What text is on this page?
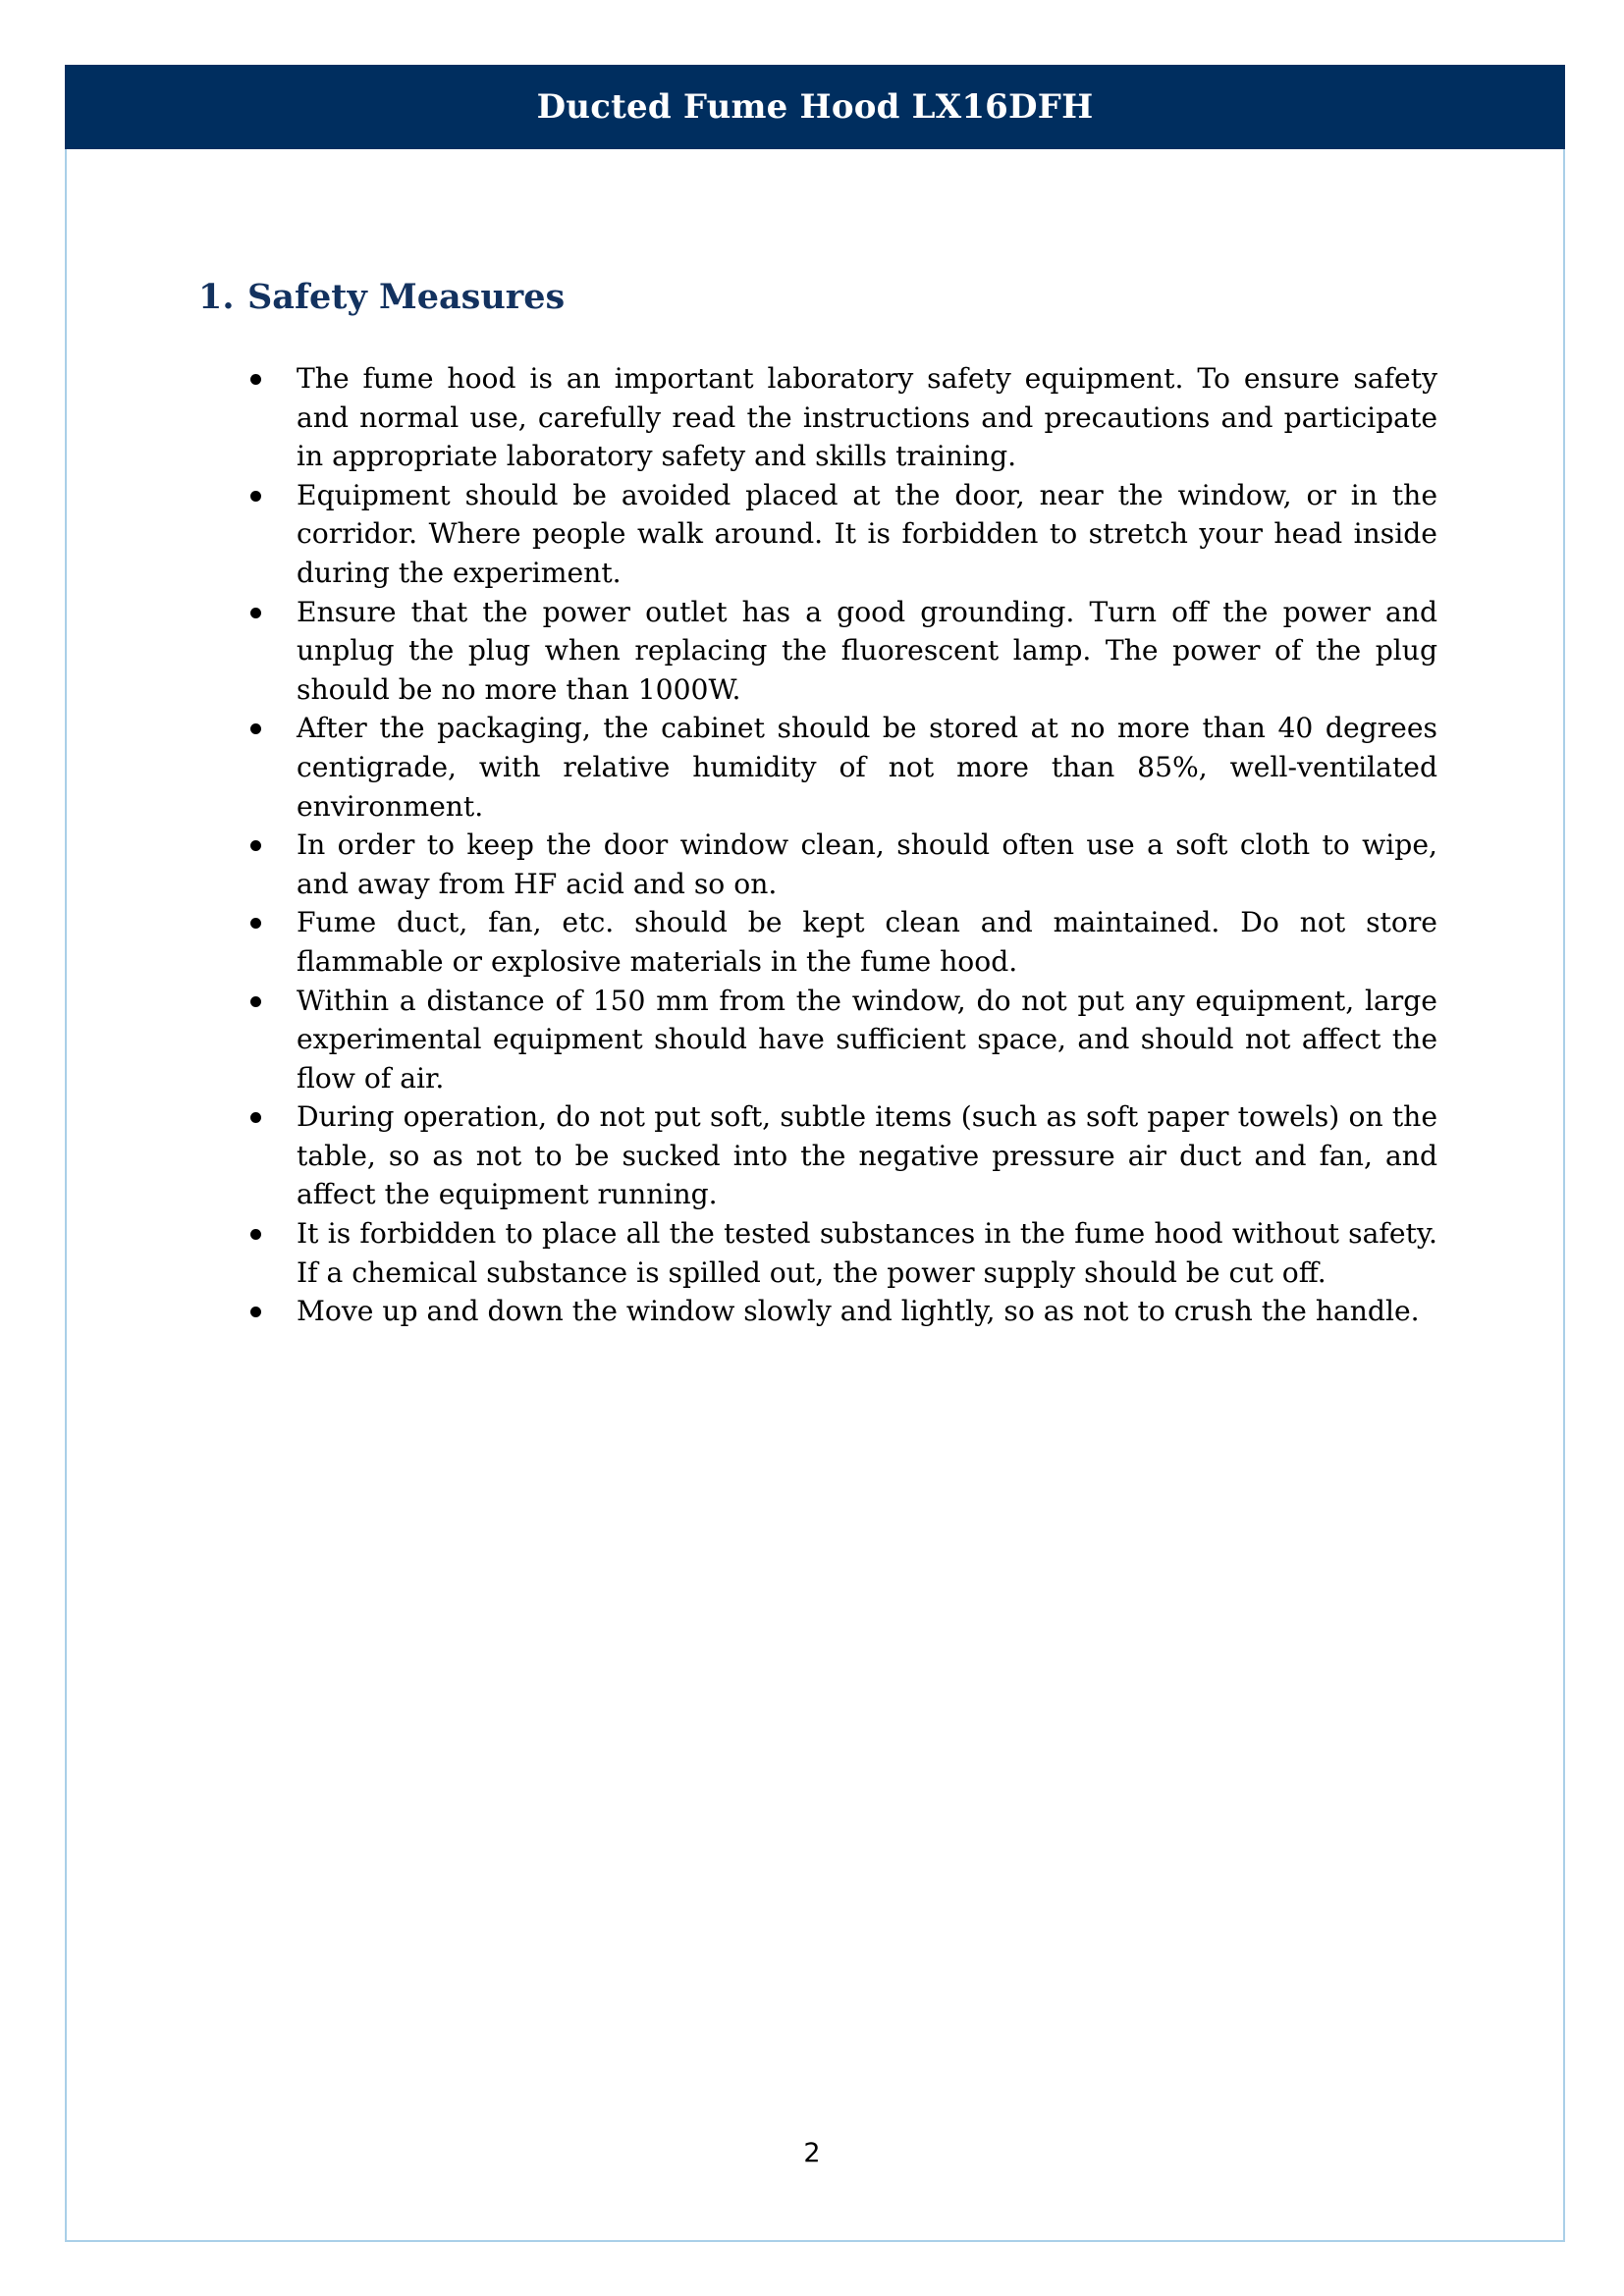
Ducted Fume Hood LX16DFH
1. Safety Measures
The fume hood is an important laboratory safety equipment. To ensure safety and normal use, carefully read the instructions and precautions and participate in appropriate laboratory safety and skills training.
Equipment should be avoided placed at the door, near the window, or in the corridor. Where people walk around. It is forbidden to stretch your head inside during the experiment.
Ensure that the power outlet has a good grounding. Turn off the power and unplug the plug when replacing the fluorescent lamp. The power of the plug should be no more than 1000W.
After the packaging, the cabinet should be stored at no more than 40 degrees centigrade, with relative humidity of not more than 85%, well-ventilated environment.
In order to keep the door window clean, should often use a soft cloth to wipe, and away from HF acid and so on.
Fume duct, fan, etc. should be kept clean and maintained. Do not store flammable or explosive materials in the fume hood.
Within a distance of 150 mm from the window, do not put any equipment, large experimental equipment should have sufficient space, and should not affect the flow of air.
During operation, do not put soft, subtle items (such as soft paper towels) on the table, so as not to be sucked into the negative pressure air duct and fan, and affect the equipment running.
It is forbidden to place all the tested substances in the fume hood without safety. If a chemical substance is spilled out, the power supply should be cut off.
Move up and down the window slowly and lightly, so as not to crush the handle.
2
